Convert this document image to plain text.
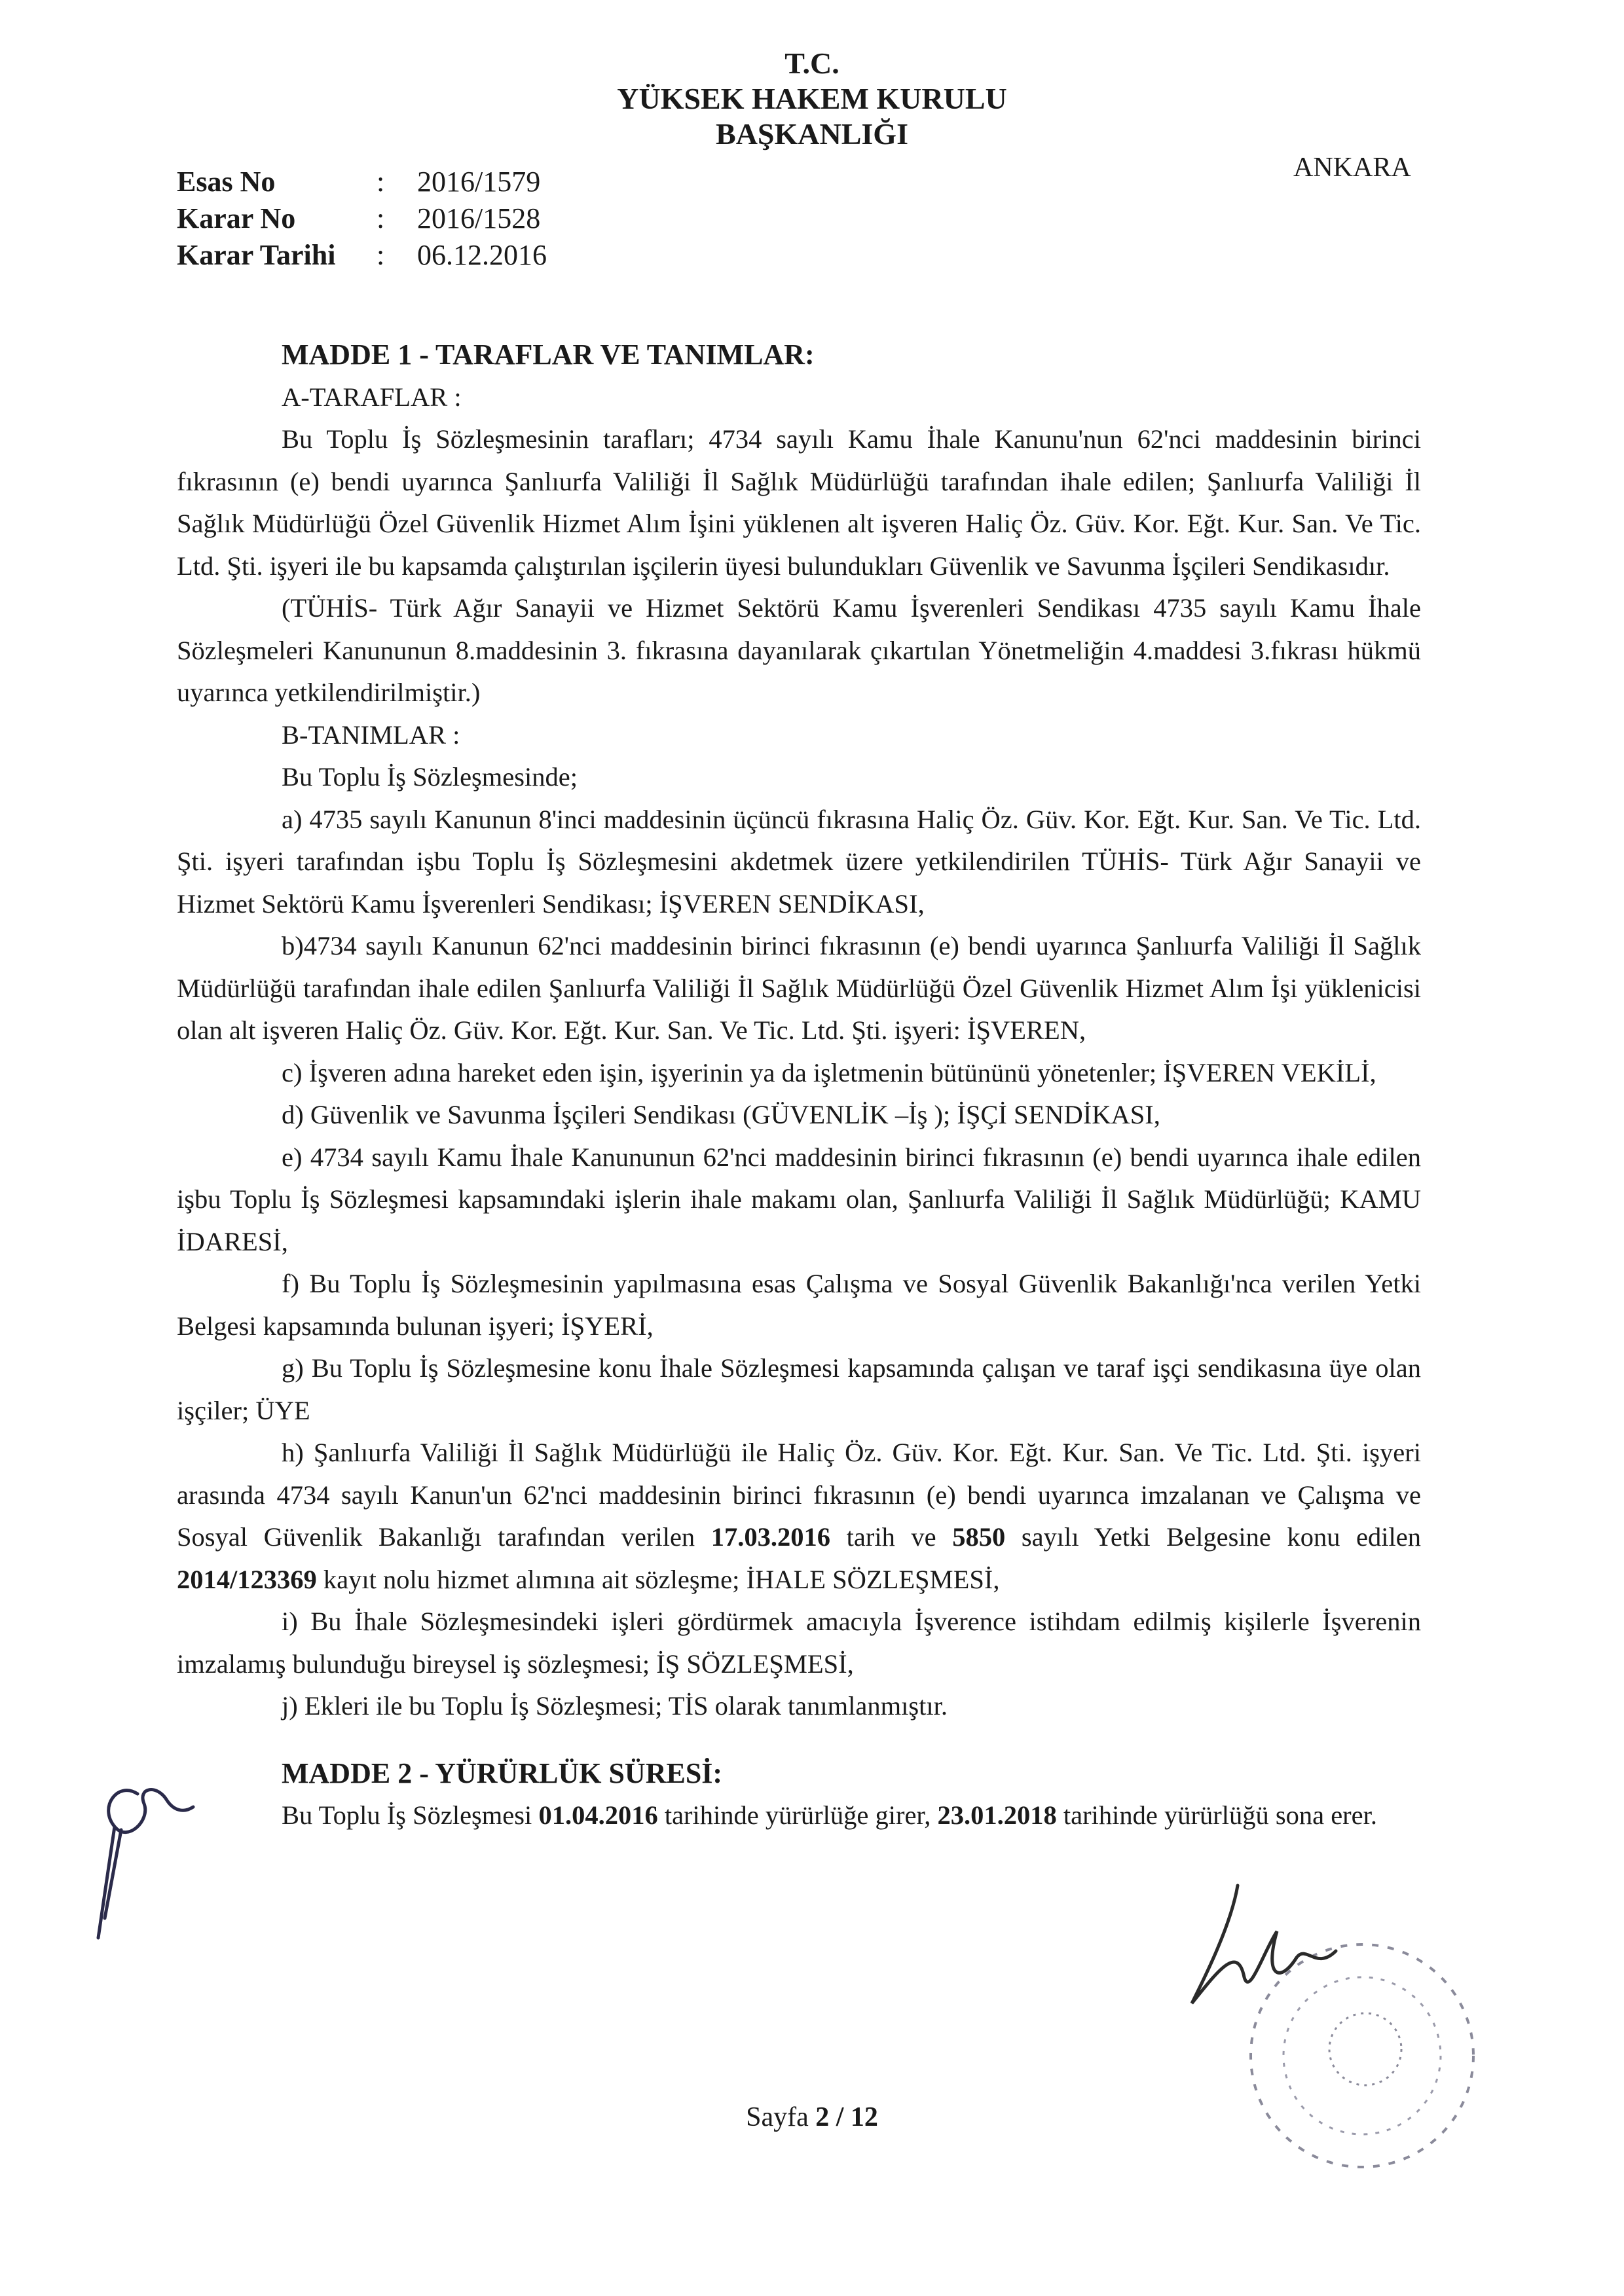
T.C.
YÜKSEK HAKEM KURULU
BAŞKANLIĞI
Esas No	:	2016/1579
Karar No	:	2016/1528
Karar Tarihi	:	06.12.2016
ANKARA
MADDE 1 - TARAFLAR VE TANIMLAR:
A-TARAFLAR :

Bu Toplu İş Sözleşmesinin tarafları; 4734 sayılı Kamu İhale Kanunu'nun 62'nci maddesinin birinci fıkrasının (e) bendi uyarınca Şanlıurfa Valiliği İl Sağlık Müdürlüğü tarafından ihale edilen; Şanlıurfa Valiliği İl Sağlık Müdürlüğü Özel Güvenlik Hizmet Alım İşini yüklenen alt işveren Haliç Öz. Güv. Kor. Eğt. Kur. San. Ve Tic. Ltd. Şti. işyeri ile bu kapsamda çalıştırılan işçilerin üyesi bulundukları Güvenlik ve Savunma İşçileri Sendikasıdır.

(TÜHİS- Türk Ağır Sanayii ve Hizmet Sektörü Kamu İşverenleri Sendikası 4735 sayılı Kamu İhale Sözleşmeleri Kanununun 8.maddesinin 3. fıkrasına dayanılarak çıkartılan Yönetmeliğin 4.maddesi 3.fıkrası hükmü uyarınca yetkilendirilmiştir.)

B-TANIMLAR :
Bu Toplu İş Sözleşmesinde;

a) 4735 sayılı Kanunun 8'inci maddesinin üçüncü fıkrasına Haliç Öz. Güv. Kor. Eğt. Kur. San. Ve Tic. Ltd. Şti. işyeri tarafından işbu Toplu İş Sözleşmesini akdetmek üzere yetkilendirilen TÜHİS- Türk Ağır Sanayii ve Hizmet Sektörü Kamu İşverenleri Sendikası; İŞVEREN SENDİKASI,

b)4734 sayılı Kanunun 62'nci maddesinin birinci fıkrasının (e) bendi uyarınca Şanlıurfa Valiliği İl Sağlık Müdürlüğü tarafından ihale edilen Şanlıurfa Valiliği İl Sağlık Müdürlüğü Özel Güvenlik Hizmet Alım İşi yüklenicisi olan alt işveren Haliç Öz. Güv. Kor. Eğt. Kur. San. Ve Tic. Ltd. Şti. işyeri: İŞVEREN,

c) İşveren adına hareket eden işin, işyerinin ya da işletmenin bütününü yönetenler; İŞVEREN VEKİLİ,

d) Güvenlik ve Savunma İşçileri Sendikası (GÜVENLİK –İş ); İŞÇİ SENDİKASI,

e) 4734 sayılı Kamu İhale Kanununun 62'nci maddesinin birinci fıkrasının (e) bendi uyarınca ihale edilen işbu Toplu İş Sözleşmesi kapsamındaki işlerin ihale makamı olan, Şanlıurfa Valiliği İl Sağlık Müdürlüğü; KAMU İDARESİ,

f) Bu Toplu İş Sözleşmesinin yapılmasına esas Çalışma ve Sosyal Güvenlik Bakanlığı'nca verilen Yetki Belgesi kapsamında bulunan işyeri; İŞYERİ,

g) Bu Toplu İş Sözleşmesine konu İhale Sözleşmesi kapsamında çalışan ve taraf işçi sendikasına üye olan işçiler; ÜYE

h) Şanlıurfa Valiliği İl Sağlık Müdürlüğü ile Haliç Öz. Güv. Kor. Eğt. Kur. San. Ve Tic. Ltd. Şti. işyeri arasında 4734 sayılı Kanun'un 62'nci maddesinin birinci fıkrasının (e) bendi uyarınca imzalanan ve Çalışma ve Sosyal Güvenlik Bakanlığı tarafından verilen 17.03.2016 tarih ve 5850 sayılı Yetki Belgesine konu edilen 2014/123369 kayıt nolu hizmet alımına ait sözleşme; İHALE SÖZLEŞMESİ,

i) Bu İhale Sözleşmesindeki işleri gördürmek amacıyla İşverence istihdam edilmiş kişilerle İşverenin imzalamış bulunduğu bireysel iş sözleşmesi; İŞ SÖZLEŞMESİ,

j) Ekleri ile bu Toplu İş Sözleşmesi; TİS olarak tanımlanmıştır.

MADDE 2 - YÜRÜRLÜK SÜRESİ:

Bu Toplu İş Sözleşmesi 01.04.2016 tarihinde yürürlüğe girer, 23.01.2018 tarihinde yürürlüğü sona erer.

Sayfa 2 / 12
